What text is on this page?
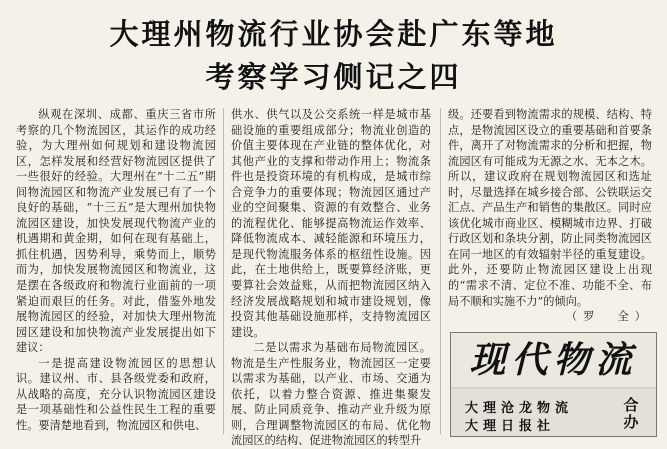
大理州物流行业协会赴广东等地
考察学习侧记之四

纵观在深圳、成都、重庆三省市所考察的几个物流园区，其运作的成功经验，为大理州如何规划和建设物流园区，怎样发展和经营好物流园区提供了一些很好的经验。大理州在“十二五”期间物流园区和物流产业发展已有了一个良好的基础，“十三五”是大理州加快物流园区建设，加快发展现代物流产业的机遇期和黄金期，如何在现有基础上，抓住机遇，因势利导，乘势而上，顺势而为，加快发展物流园区和物流业，这是摆在各级政府和物流行业面前的一项紧迫而艰巨的任务。对此，借鉴外地发展物流园区的经验，对加快大理州物流园区建设和加快物流产业发展提出如下建议：

一是提高建设物流园区的思想认识。建议州、市、县各级党委和政府，从战略的高度，充分认识物流园区建设是一项基础性和公益性民生工程的重要性。要清楚地看到，物流园区和供电、

供水、供气以及公交系统一样是城市基础设施的重要组成部分；物流业创造的价值主要体现在产业链的整体优化，对其他产业的支撑和带动作用上；物流条件也是投资环境的有机构成，是城市综合竞争力的重要体现；物流园区通过产业的空间聚集、资源的有效整合、业务的流程优化、能够提高物流运作效率、降低物流成本、减轻能源和环境压力，是现代物流服务体系的枢纽性设施。因此，在土地供给上，既要算经济账，更要算社会效益账，从而把物流园区纳入经济发展战略规划和城市建设规划，像投资其他基础设施那样，支持物流园区建设。

二是以需求为基础布局物流园区。物流是生产性服务业，物流园区一定要以需求为基础，以产业、市场、交通为依托，以着力整合资源、推进集聚发展、防止同质竞争、推动产业升级为原则，合理调整物流园区的布局、优化物流园区的结构、促进物流园区的转型升

级。还要看到物流需求的规模、结构、特点，是物流园区设立的重要基础和首要条件，离开了对物流需求的分析和把握，物流园区有可能成为无源之水、无本之木。所以，建议政府在规划物流园区和选址时，尽量选择在城乡接合部、公铁联运交汇点、产品生产和销售的集散区。同时应该优化城市商业区、模糊城市边界、打破行政区划和条块分割，防止同类物流园区在同一地区的有效辐射半径的重复建设。此外，还要防止物流园区建设上出现的“需求不清、定位不准、功能不全、布局不顺和实施不力”的倾向。
（罗　全）

现代物流
大理沧龙物流
大理日报社
合
办
